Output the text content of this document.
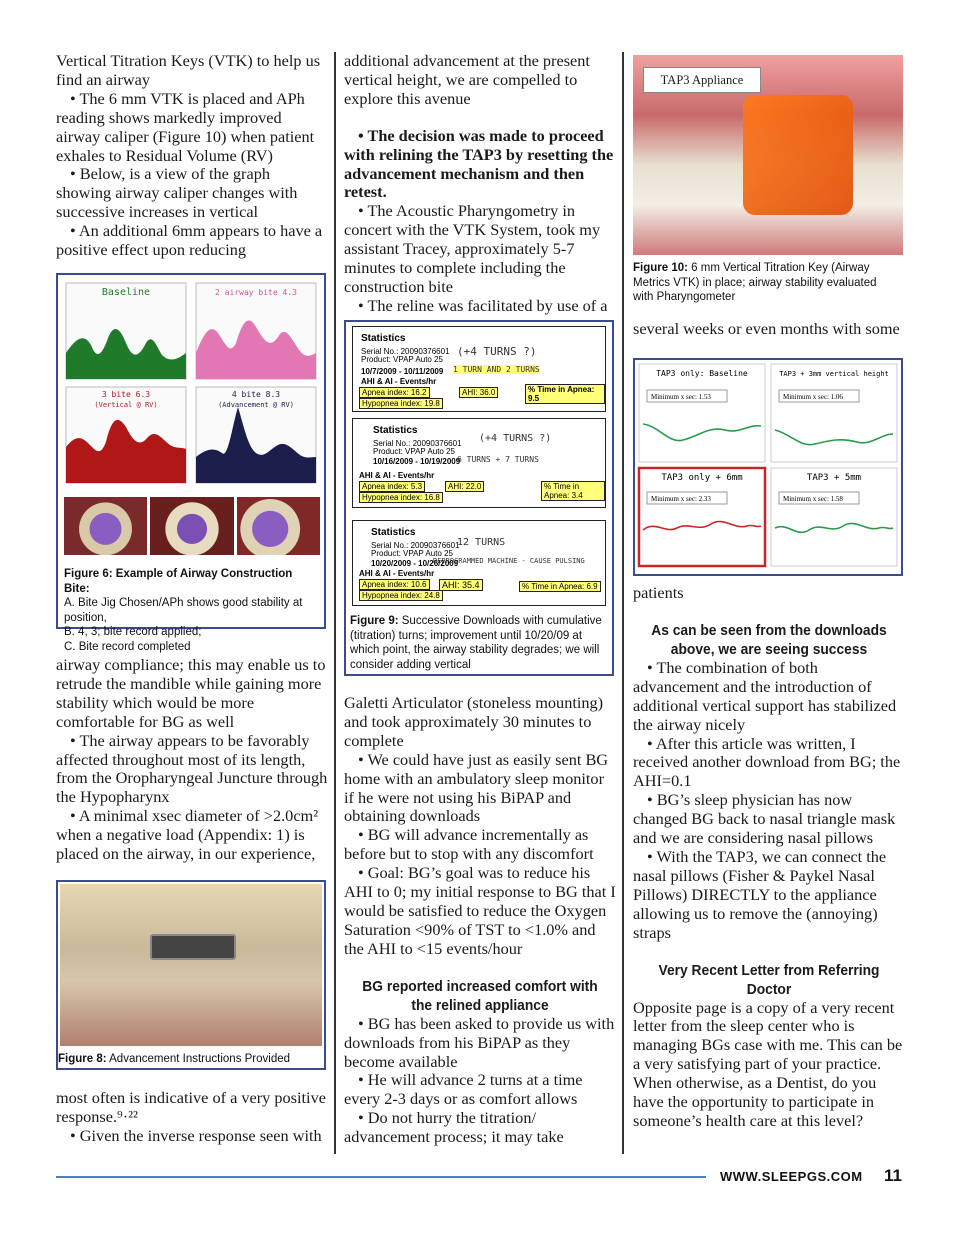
Vertical Titration Keys (VTK) to help us find an airway

• The 6 mm VTK is placed and APh reading shows markedly improved airway caliper (Figure 10) when patient exhales to Residual Volume (RV)

• Below, is a view of the graph showing airway caliper changes with successive increases in vertical

• An additional 6mm appears to have a positive effect upon reducing

Baseline	2 airway bite 4.3
3 bite 6.3
(Vertical @ RV)
4 bite 8.3
(Advancement @ RV)
Figure 6: Example of Airway Construction Bite:
A. Bite Jig Chosen/APh shows good stability at position,
B. 4, 3; bite record applied;
C. Bite record completed

airway compliance; this may enable us to retrude the mandible while gaining more stability which would be more comfortable for BG as well

• The airway appears to be favorably affected throughout most of its length, from the Oropharyngeal Juncture through the Hypopharynx

• A minimal xsec diameter of >2.0cm² when a negative load (Appendix: 1) is placed on the airway, in our experience,

Figure 8: Advancement Instructions Provided

most often is indicative of a very positive response.⁹·²²

• Given the inverse response seen with

additional advancement at the present vertical height, we are compelled to explore this avenue

• The decision was made to proceed with relining the TAP3 by resetting the advancement mechanism and then retest.

• The Acoustic Pharyngometry in concert with the VTK System, took my assistant Tracey, approximately 5-7 minutes to complete including the construction bite

• The reline was facilitated by use of a

Statistics
Serial No.: 20090376601
Product: VPAP Auto 25
(+4 TURNS ?)
10/7/2009 - 10/11/2009 1 TURN AND 2 TURNS
AHI & AI - Events/hr
Apnea index: 16.2
Hypopnea index: 19.8
AHI: 36.0	% Time in Apnea: 9.5
Statistics
Serial No.: 20090376601
Product: VPAP Auto 25
(+4 TURNS ?)
10/16/2009 - 10/19/2009
6 TURNS + 7 TURNS
AHI & AI - Events/hr
Apnea index: 5.3
Hypopnea index: 16.8
AHI: 22.0	% Time in Apnea: 3.4
Statistics
Serial No.: 20090376601
Product: VPAP Auto 25
12 TURNS
10/20/2009 - 10/26/2009
REPROGRAMMED MACHINE - CAUSE PULSING
AHI & AI - Events/hr
Apnea index: 10.6
Hypopnea index: 24.8
AHI: 35.4	% Time in Apnea: 6.9
Figure 9: Successive Downloads with cumulative (titration) turns; improvement until 10/20/09 at which point, the airway stability degrades; we will consider adding vertical

Galetti Articulator (stoneless mounting) and took approximately 30 minutes to complete

• We could have just as easily sent BG home with an ambulatory sleep monitor if he were not using his BiPAP and obtaining downloads

• BG will advance incrementally as before but to stop with any discomfort

• Goal: BG’s goal was to reduce his AHI to 0; my initial response to BG that I would be satisfied to reduce the Oxygen Saturation <90% of TST to <1.0% and the AHI to <15 events/hour

BG reported increased comfort with the relined appliance

• BG has been asked to provide us with downloads from his BiPAP as they become available

• He will advance 2 turns at a time every 2-3 days or as comfort allows

• Do not hurry the titration/ advancement process; it may take

TAP3 Appliance
Figure 10: 6 mm Vertical Titration Key (Airway Metrics VTK) in place; airway stability evaluated with Pharyngometer

several weeks or even months with some

TAP3 only: Baseline
Minimum x sec: 1.53
TAP3 + 3mm vertical height
Minimum x sec: 1.06
TAP3 only + 6mm
Minimum x sec: 2.33
TAP3 + 5mm
Minimum x sec: 1.58

patients

As can be seen from the downloads above, we are seeing success

• The combination of both advancement and the introduction of additional vertical support has stabilized the airway nicely

• After this article was written, I received another download from BG; the AHI=0.1

• BG’s sleep physician has now changed BG back to nasal triangle mask and we are considering nasal pillows

• With the TAP3, we can connect the nasal pillows (Fisher & Paykel Nasal Pillows) DIRECTLY to the appliance allowing us to remove the (annoying) straps

Very Recent Letter from Referring Doctor

Opposite page is a copy of a very recent letter from the sleep center who is managing BGs case with me. This can be a very satisfying part of your practice. When otherwise, as a Dentist, do you have the opportunity to participate in someone’s health care at this level?

WWW.SLEEPGS.COM 11
